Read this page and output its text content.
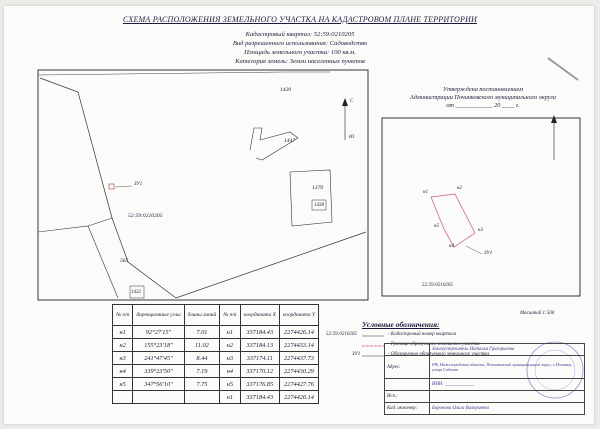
СХЕМА РАСПОЛОЖЕНИЯ ЗЕМЕЛЬНОГО УЧАСТКА НА КАДАСТРОВОМ ПЛАНЕ ТЕРРИТОРИИ
Кадастровый квартал: 52:59:0210205
Вид разрешенного использования: Садоводство
Площадь земельного участка: 100 кв.м.
Категория земель: Земли населенных пунктов
1420
1447
1370
1438
565
1432
52:59:0210205
ЗУ1
С
Ю
Утверждена постановлением
Администрации Починковского муниципального округа
от ____________ 20 ____ г.
н1
н2
н3
н4
н5
ЗУ1
52:59:0210205
Масштаб 1:500
№ п/п	дирекционные углы	длины линий	№ п/п	координата X	координата Y
н1	92°27'15"	7.01	н1	337184.43	2274426.14
н2	155°23'18"	11.02	н2	337184.13	2274433.14
н3	241°47'45"	8.44	н3	337174.11	2274437.73
н4	339°23'50"	7.19	н4	337170.12	2274430.29
н5	347°56'10"	7.75	н5	337176.85	2274427.76
			н1	337184.43	2274426.14
Условные обозначения:
52:59:0210205	- Кадастровый номер квартала
- Граница образуемого земельного участка
ЗУ1	- Обозначение образуемого земельного участка
	Землеустроитель Наталья Григорьевна
Адрес:	РФ, Нижегородская область, Починковский муниципальный округ, с.Починки, улица Садовая
	ИНН: ____________
Исп.:	
Кад. инженер:	Боронова Ольга Валерьевна
